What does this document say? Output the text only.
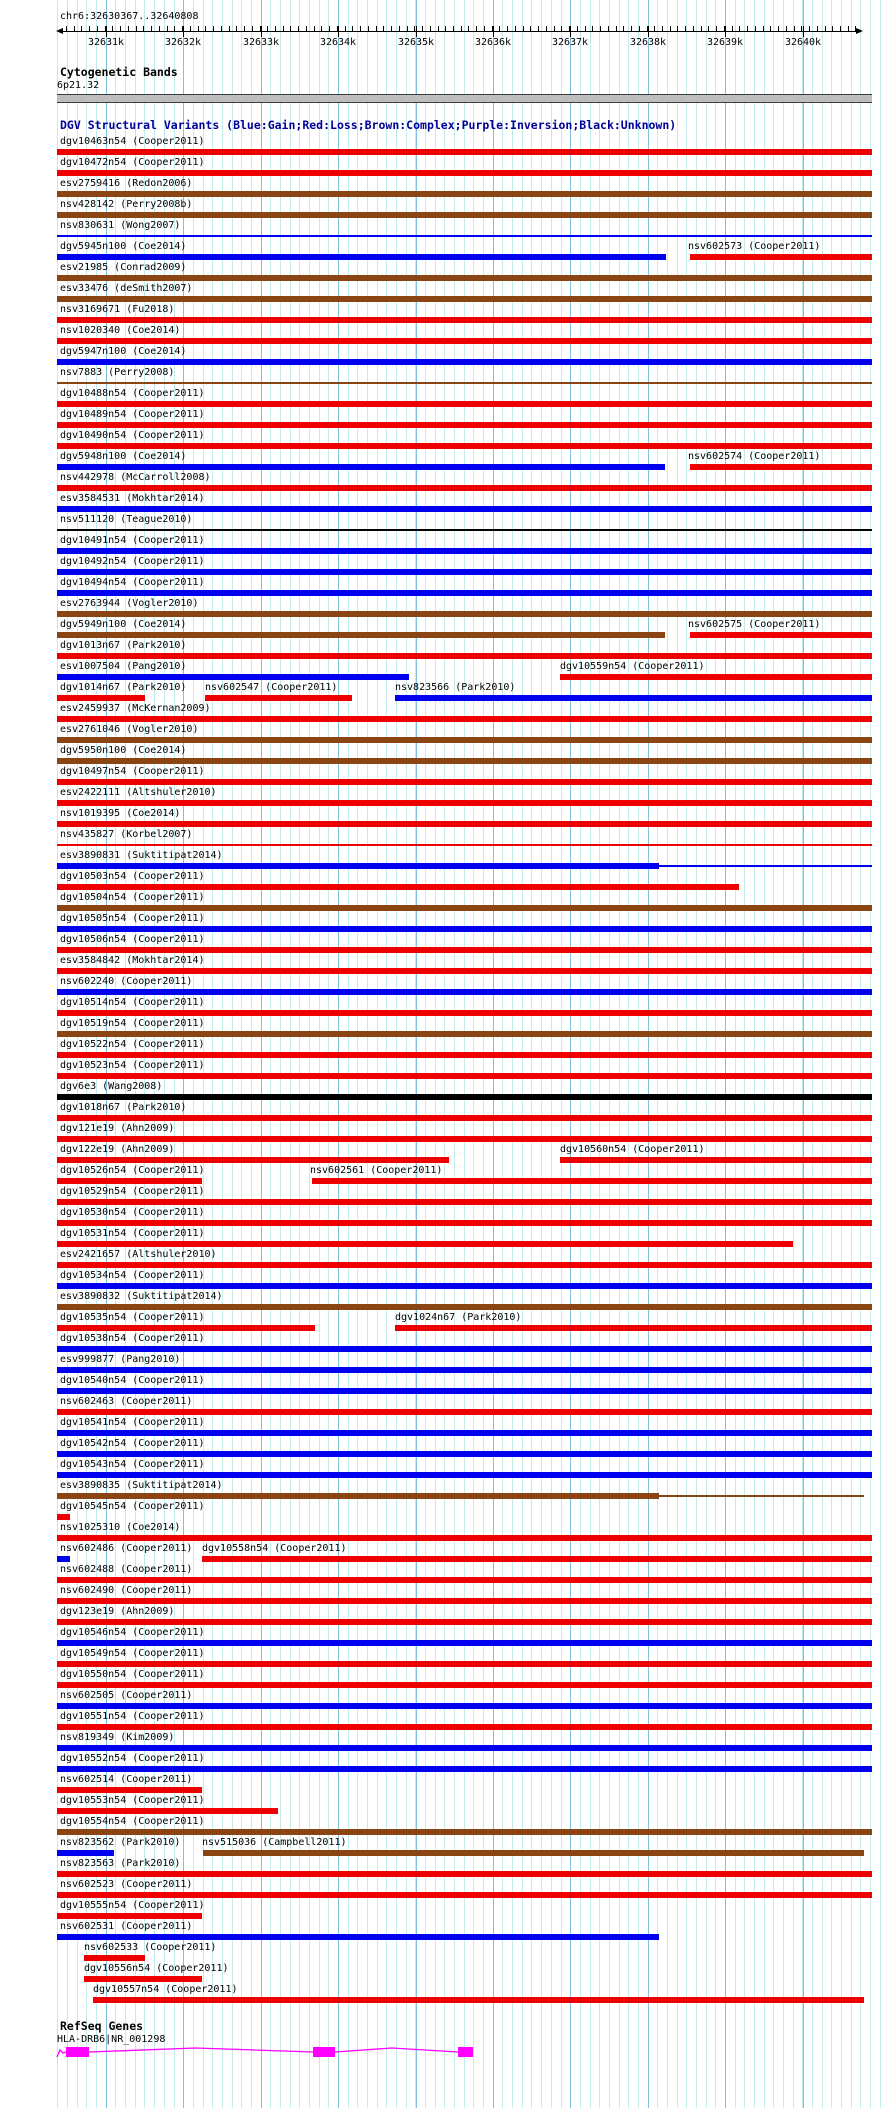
chr6:32630367..32640808
32631k	32632k	32633k	32634k	32635k	32636k	32637k	32638k	32639k	32640k
Cytogenetic Bands
6p21.32
DGV Structural Variants (Blue:Gain;Red:Loss;Brown:Complex;Purple:Inversion;Black:Unknown)
dgv10463n54 (Cooper2011)
dgv10472n54 (Cooper2011)
esv2759416 (Redon2006)
nsv428142 (Perry2008b)
nsv830631 (Wong2007)
dgv5945n100 (Coe2014)	nsv602573 (Cooper2011)
esv21985 (Conrad2009)
esv33476 (deSmith2007)
nsv3169671 (Fu2018)
nsv1020340 (Coe2014)
dgv5947n100 (Coe2014)
nsv7883 (Perry2008)
dgv10488n54 (Cooper2011)
dgv10489n54 (Cooper2011)
dgv10490n54 (Cooper2011)
dgv5948n100 (Coe2014)	nsv602574 (Cooper2011)
nsv442978 (McCarroll2008)
esv3584531 (Mokhtar2014)
nsv511120 (Teague2010)
dgv10491n54 (Cooper2011)
dgv10492n54 (Cooper2011)
dgv10494n54 (Cooper2011)
esv2763944 (Vogler2010)
dgv5949n100 (Coe2014)	nsv602575 (Cooper2011)
dgv1013n67 (Park2010)
esv1007504 (Pang2010)	dgv10559n54 (Cooper2011)
dgv1014n67 (Park2010) nsv602547 (Cooper2011)	nsv823566 (Park2010)
esv2459937 (McKernan2009)
esv2761046 (Vogler2010)
dgv5950n100 (Coe2014)
dgv10497n54 (Cooper2011)
esv2422111 (Altshuler2010)
nsv1019395 (Coe2014)
nsv435827 (Korbel2007)
esv3890831 (Suktitipat2014)
dgv10503n54 (Cooper2011)
dgv10504n54 (Cooper2011)
dgv10505n54 (Cooper2011)
dgv10506n54 (Cooper2011)
esv3584842 (Mokhtar2014)
nsv602240 (Cooper2011)
dgv10514n54 (Cooper2011)
dgv10519n54 (Cooper2011)
dgv10522n54 (Cooper2011)
dgv10523n54 (Cooper2011)
dgv6e3 (Wang2008)
dgv1018n67 (Park2010)
dgv121e19 (Ahn2009)
dgv122e19 (Ahn2009)	dgv10560n54 (Cooper2011)
dgv10526n54 (Cooper2011)	nsv602561 (Cooper2011)
dgv10529n54 (Cooper2011)
dgv10530n54 (Cooper2011)
dgv10531n54 (Cooper2011)
esv2421657 (Altshuler2010)
dgv10534n54 (Cooper2011)
esv3890832 (Suktitipat2014)
dgv10535n54 (Cooper2011)	dgv1024n67 (Park2010)
dgv10538n54 (Cooper2011)
esv999877 (Pang2010)
dgv10540n54 (Cooper2011)
nsv602463 (Cooper2011)
dgv10541n54 (Cooper2011)
dgv10542n54 (Cooper2011)
dgv10543n54 (Cooper2011)
esv3890835 (Suktitipat2014)
dgv10545n54 (Cooper2011)
nsv1025310 (Coe2014)
nsv602486 (Cooper2011) dgv10558n54 (Cooper2011)
nsv602488 (Cooper2011)
nsv602490 (Cooper2011)
dgv123e19 (Ahn2009)
dgv10546n54 (Cooper2011)
dgv10549n54 (Cooper2011)
dgv10550n54 (Cooper2011)
nsv602505 (Cooper2011)
dgv10551n54 (Cooper2011)
nsv819349 (Kim2009)
dgv10552n54 (Cooper2011)
nsv602514 (Cooper2011)
dgv10553n54 (Cooper2011)
dgv10554n54 (Cooper2011)
nsv823562 (Park2010) nsv515036 (Campbell2011)
nsv823563 (Park2010)
nsv602523 (Cooper2011)
dgv10555n54 (Cooper2011)
nsv602531 (Cooper2011)
nsv602533 (Cooper2011)
dgv10556n54 (Cooper2011)
dgv10557n54 (Cooper2011)
RefSeq Genes
HLA-DRB6|NR_001298
